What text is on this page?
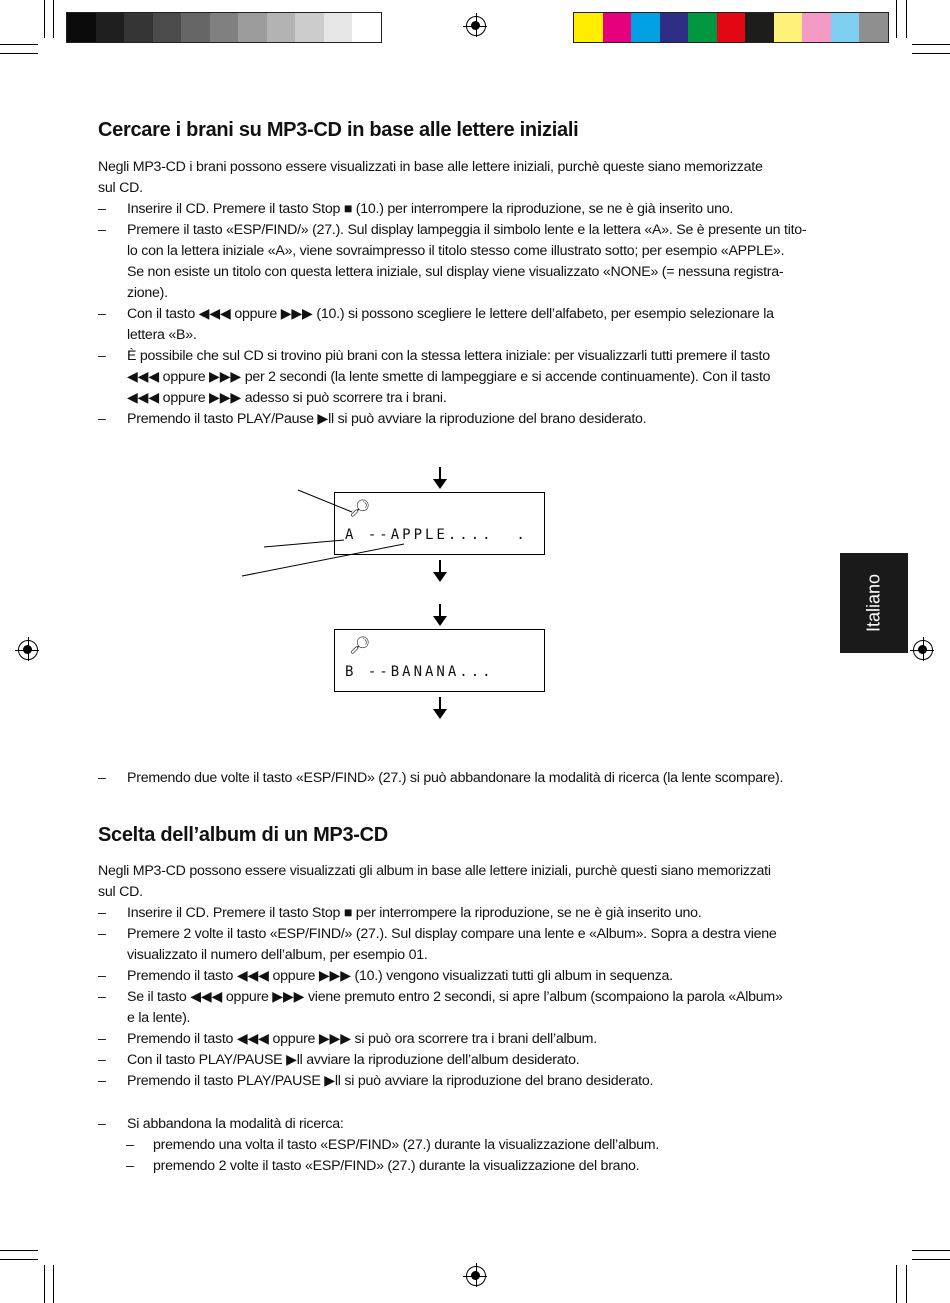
Italiano
Cercare i brani su MP3-CD in base alle lettere iniziali
Negli MP3-CD i brani possono essere visualizzati in base alle lettere iniziali, purchè queste siano memorizzate
sul CD.
–	Inserire il CD. Premere il tasto Stop ■ (10.) per interrompere la riproduzione, se ne è già inserito uno.
–	Premere il tasto «ESP/FIND/» (27.). Sul display lampeggia il simbolo lente e la lettera «A». Se è presente un tito-
lo con la lettera iniziale «A», viene sovraimpresso il titolo stesso come illustrato sotto; per esempio «APPLE».
Se non esiste un titolo con questa lettera iniziale, sul display viene visualizzato «NONE» (= nessuna registra-
zione).
–	Con il tasto ◀◀◀ oppure ▶▶▶ (10.) si possono scegliere le lettere dell’alfabeto, per esempio selezionare la
lettera «B».
–	È possibile che sul CD si trovino più brani con la stessa lettera iniziale: per visualizzarli tutti premere il tasto
◀◀◀ oppure ▶▶▶ per 2 secondi (la lente smette di lampeggiare e si accende continuamente). Con il tasto
◀◀◀ oppure ▶▶▶ adesso si può scorrere tra i brani.
–	Premendo il tasto PLAY/Pause ▶ll si può avviare la riproduzione del brano desiderato.
🔎︎
A --APPLE....  .
🔎︎
B --BANANA...
–	Premendo due volte il tasto «ESP/FIND» (27.) si può abbandonare la modalità di ricerca (la lente scompare).
Scelta dell’album di un MP3-CD
Negli MP3-CD possono essere visualizzati gli album in base alle lettere iniziali, purchè questi siano memorizzati
sul CD.
–	Inserire il CD. Premere il tasto Stop ■ per interrompere la riproduzione, se ne è già inserito uno.
–	Premere 2 volte il tasto «ESP/FIND/» (27.). Sul display compare una lente e «Album». Sopra a destra viene
visualizzato il numero dell’album, per esempio 01.
–	Premendo il tasto ◀◀◀ oppure ▶▶▶ (10.) vengono visualizzati tutti gli album in sequenza.
–	Se il tasto ◀◀◀ oppure ▶▶▶ viene premuto entro 2 secondi, si apre l’album (scompaiono la parola «Album»
e la lente).
–	Premendo il tasto ◀◀◀ oppure ▶▶▶ si può ora scorrere tra i brani dell’album.
–	Con il tasto PLAY/PAUSE ▶ll avviare la riproduzione dell’album desiderato.
–	Premendo il tasto PLAY/PAUSE ▶ll si può avviare la riproduzione del brano desiderato.
–	Si abbandona la modalità di ricerca:
– premendo una volta il tasto «ESP/FIND» (27.) durante la visualizzazione dell’album.
– premendo 2 volte il tasto «ESP/FIND» (27.) durante la visualizzazione del brano.
